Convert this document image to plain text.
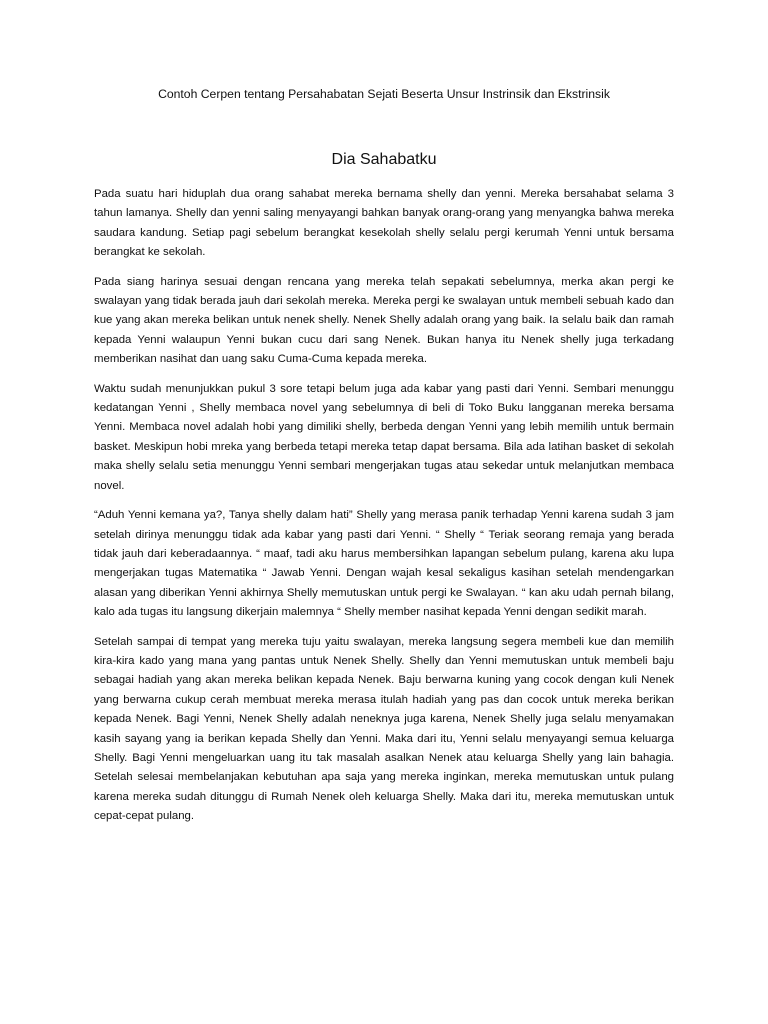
Contoh Cerpen tentang Persahabatan Sejati Beserta Unsur Instrinsik dan Ekstrinsik

Dia Sahabatku

Pada suatu hari hiduplah dua orang sahabat mereka bernama shelly dan yenni. Mereka bersahabat selama 3 tahun lamanya. Shelly dan yenni saling menyayangi bahkan banyak orang-orang yang menyangka bahwa mereka saudara kandung. Setiap pagi sebelum berangkat kesekolah shelly selalu pergi kerumah Yenni untuk bersama berangkat ke sekolah.

Pada siang harinya sesuai dengan rencana yang mereka telah sepakati sebelumnya, merka akan pergi ke swalayan yang tidak berada jauh dari sekolah mereka. Mereka pergi ke swalayan untuk membeli sebuah kado dan kue yang akan mereka belikan untuk nenek shelly. Nenek Shelly adalah orang yang baik. Ia selalu baik dan ramah kepada Yenni walaupun Yenni bukan cucu dari sang Nenek. Bukan hanya itu Nenek shelly juga terkadang memberikan nasihat dan uang saku Cuma-Cuma kepada mereka.

Waktu sudah menunjukkan pukul 3 sore tetapi belum juga ada kabar yang pasti dari Yenni. Sembari menunggu kedatangan Yenni , Shelly membaca novel yang sebelumnya di beli di Toko Buku langganan mereka bersama Yenni. Membaca novel adalah hobi yang dimiliki shelly, berbeda dengan Yenni yang lebih memilih untuk bermain basket. Meskipun hobi mreka yang berbeda tetapi mereka tetap dapat bersama. Bila ada latihan basket di sekolah maka shelly selalu setia menunggu Yenni sembari mengerjakan tugas atau sekedar untuk melanjutkan membaca novel.

“Aduh Yenni kemana ya?, Tanya shelly dalam hati” Shelly yang merasa panik terhadap Yenni karena sudah 3 jam setelah dirinya menunggu tidak ada kabar yang pasti dari Yenni. “ Shelly “ Teriak seorang remaja yang berada tidak jauh dari keberadaannya. “ maaf, tadi aku harus membersihkan lapangan sebelum pulang, karena aku lupa mengerjakan tugas Matematika “ Jawab Yenni. Dengan wajah kesal sekaligus kasihan setelah mendengarkan alasan yang diberikan Yenni akhirnya Shelly memutuskan untuk pergi ke Swalayan. “ kan aku udah pernah bilang, kalo ada tugas itu langsung dikerjain malemnya “ Shelly member nasihat kepada Yenni dengan sedikit marah.

Setelah sampai di tempat yang mereka tuju yaitu swalayan, mereka langsung segera membeli kue dan memilih kira-kira kado yang mana yang pantas untuk Nenek Shelly. Shelly dan Yenni memutuskan untuk membeli baju sebagai hadiah yang akan mereka belikan kepada Nenek. Baju berwarna kuning yang cocok dengan kuli Nenek yang berwarna cukup cerah membuat mereka merasa itulah hadiah yang pas dan cocok untuk mereka berikan kepada Nenek. Bagi Yenni, Nenek Shelly adalah neneknya juga karena, Nenek Shelly juga selalu menyamakan kasih sayang yang ia berikan kepada Shelly dan Yenni. Maka dari itu, Yenni selalu menyayangi semua keluarga Shelly. Bagi Yenni mengeluarkan uang itu tak masalah asalkan Nenek atau keluarga Shelly yang lain bahagia. Setelah selesai membelanjakan kebutuhan apa saja yang mereka inginkan, mereka memutuskan untuk pulang karena mereka sudah ditunggu di Rumah Nenek oleh keluarga Shelly. Maka dari itu, mereka memutuskan untuk cepat-cepat pulang.
